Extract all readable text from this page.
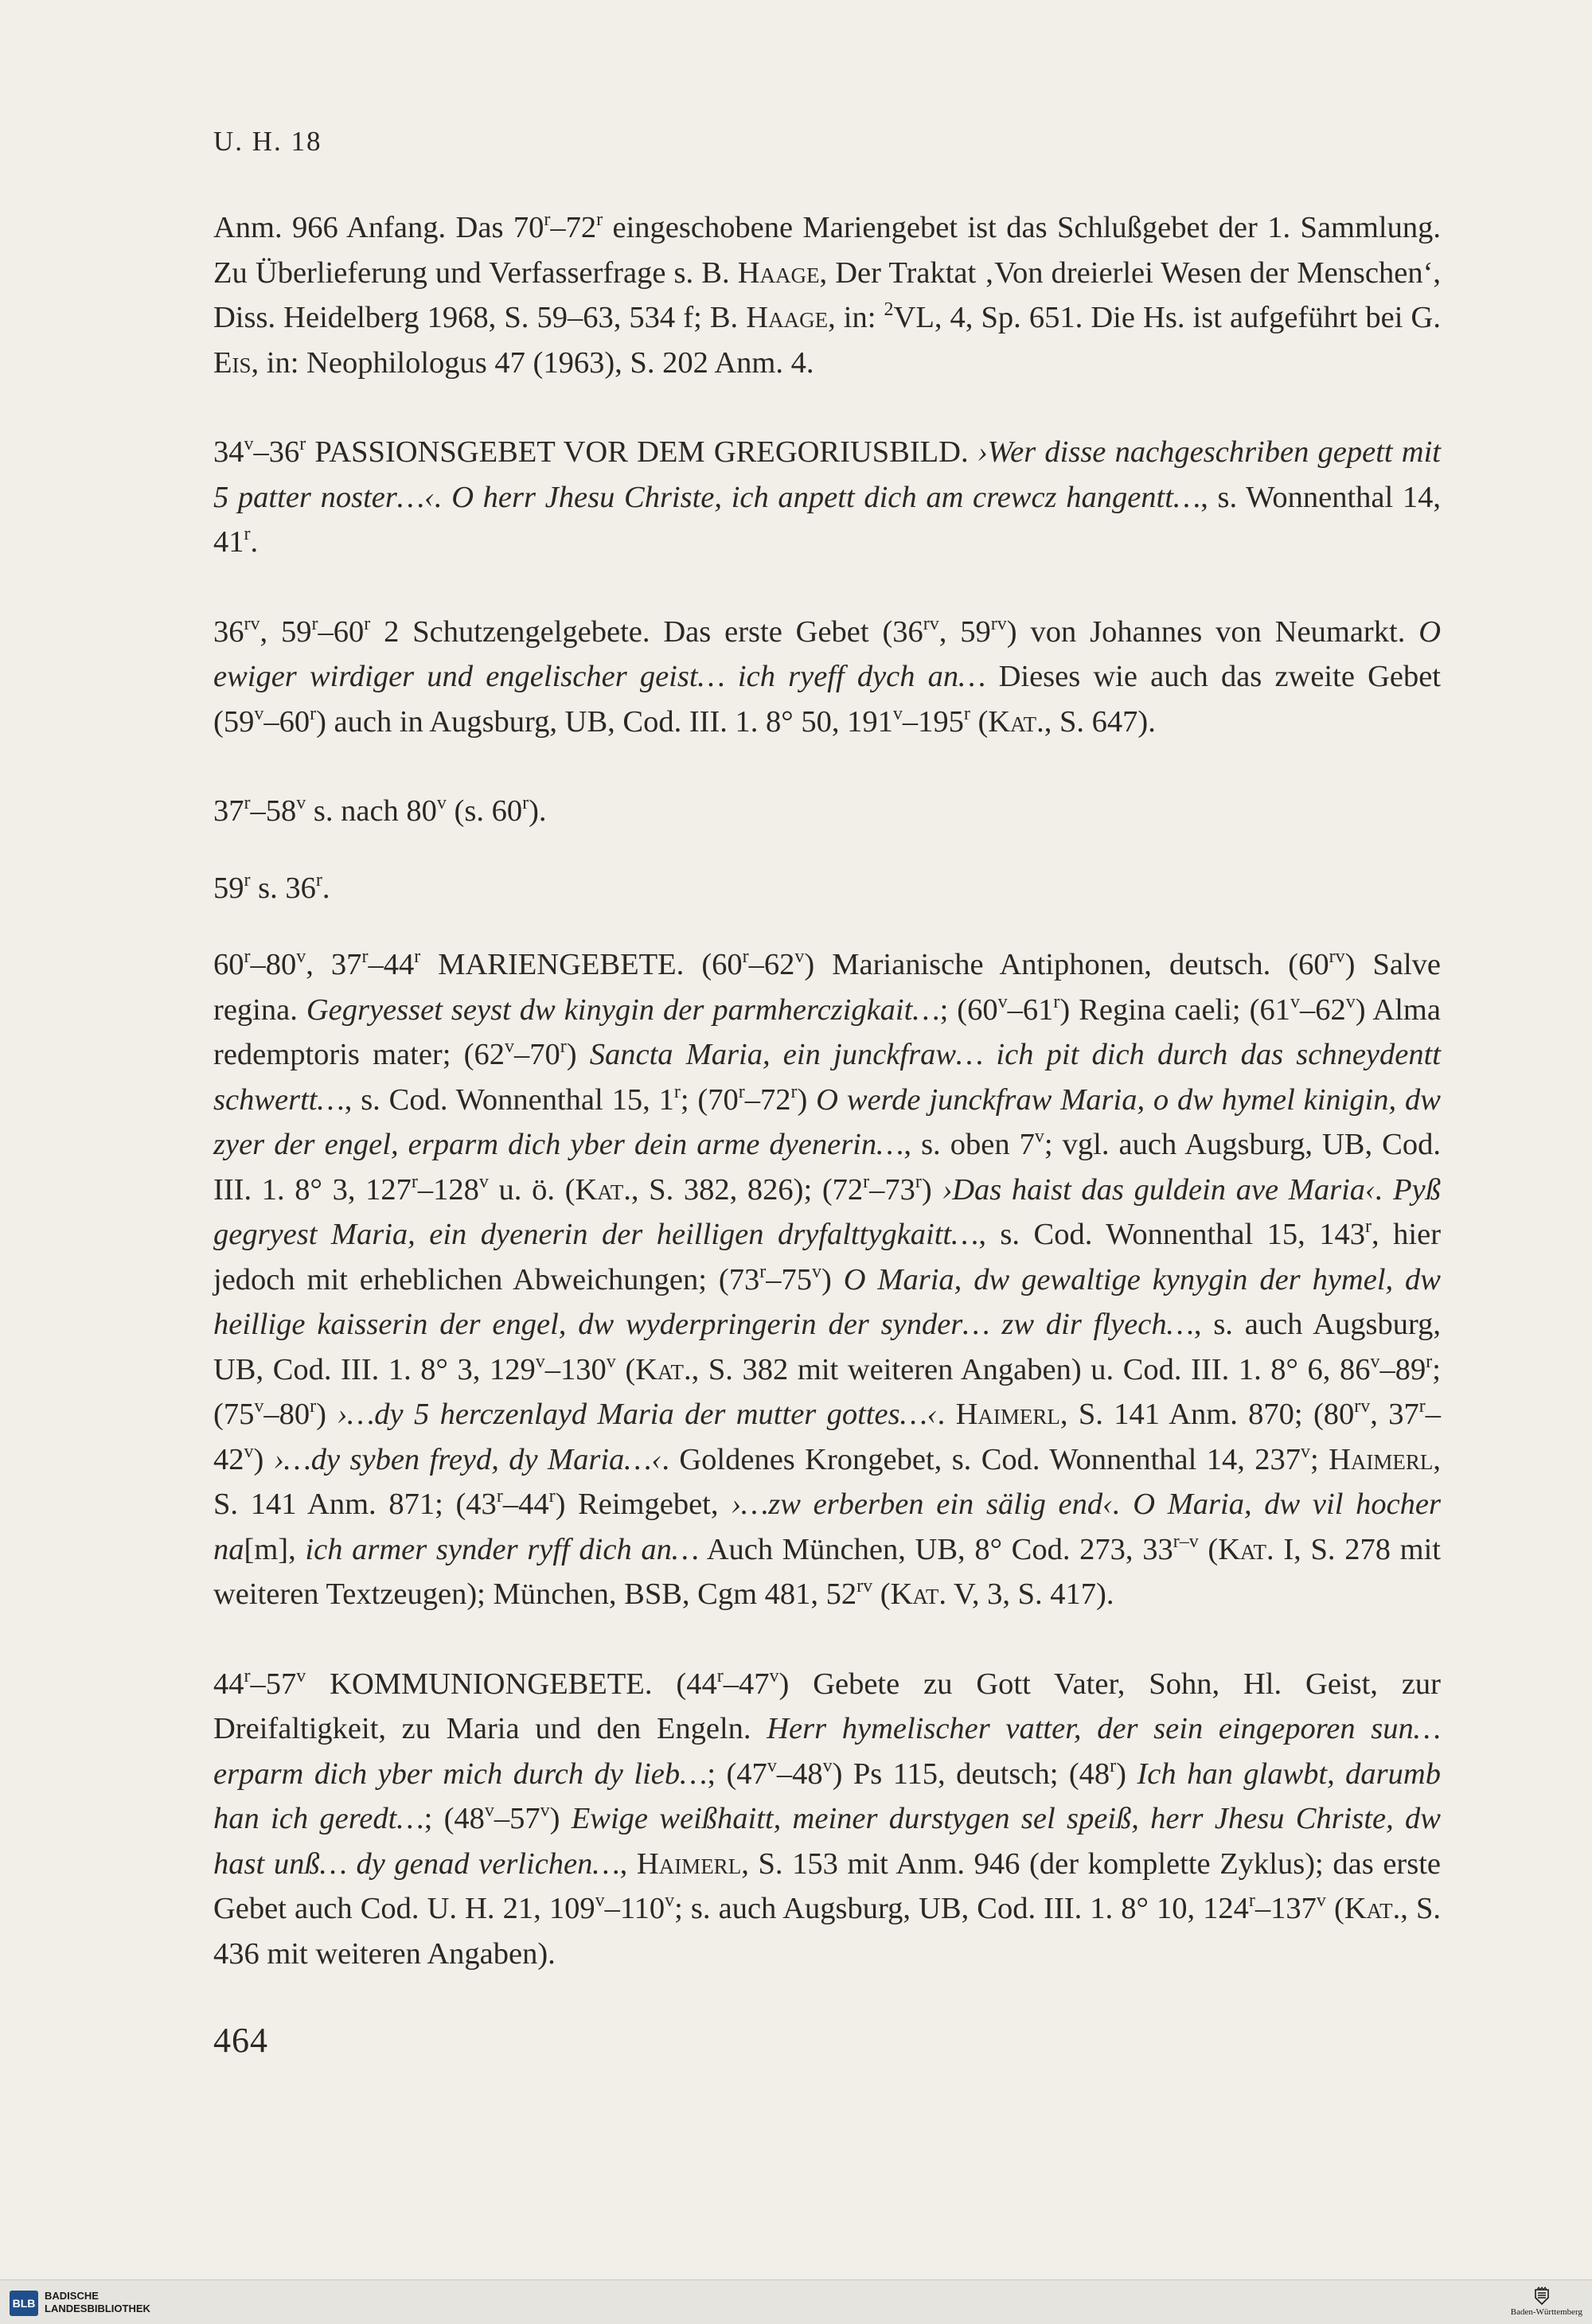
U. H. 18

Anm. 966 Anfang. Das 70$^r$–72$^r$ eingeschobene Mariengebet ist das Schlußgebet der 1. Sammlung. Zu Überlieferung und Verfasserfrage s. B. Haage, Der Traktat ‚Von dreierlei Wesen der Menschen‘, Diss. Heidelberg 1968, S. 59–63, 534 f; B. Haage, in: $^2$VL, 4, Sp. 651. Die Hs. ist aufgeführt bei G. Eis, in: Neophilologus 47 (1963), S. 202 Anm. 4.

34$^v$–36$^r$ PASSIONSGEBET VOR DEM GREGORIUSBILD. ›Wer disse nachgeschriben gepett mit 5 patter noster…‹. O herr Jhesu Christe, ich anpett dich am crewcz hangentt…, s. Wonnenthal 14, 41$^r$.

$36^{rv}$, 59$^r$–60$^r$ 2 Schutzengelgebete. Das erste Gebet ($36^{rv}$, $59^{rv}$) von Johannes von Neumarkt. O ewiger wirdiger und engelischer geist… ich ryeff dych an… Dieses wie auch das zweite Gebet (59$^v$–60$^r$) auch in Augsburg, UB, Cod. III. 1. 8° 50, 191$^v$–195$^r$ (Kat., S. 647).

37$^r$–58$^v$ s. nach 80$^v$ (s. 60$^r$).

59$^r$ s. 36$^r$.

60$^r$–80$^v$, 37$^r$–44$^r$ MARIENGEBETE. (60$^r$–62$^v$) Marianische Antiphonen, deutsch. $(60^{rv})$ Salve regina. Gegryesset seyst dw kinygin der parmherczigkait…; (60$^v$–61$^r$) Regina caeli; (61$^v$–62$^v$) Alma redemptoris mater; (62$^v$–70$^r$) Sancta Maria, ein junckfraw… ich pit dich durch das schneydentt schwertt…, s. Cod. Wonnenthal 15, 1$^r$; (70$^r$–72$^r$) O werde junckfraw Maria, o dw hymel kinigin, dw zyer der engel, erparm dich yber dein arme dyenerin…, s. oben 7$^v$; vgl. auch Augsburg, UB, Cod. III. 1. 8° 3, 127$^r$–128$^v$ u. ö. (Kat., S. 382, 826); (72$^r$–73$^r$) ›Das haist das guldein ave Maria‹. Pyß gegryest Maria, ein dyenerin der heilligen dryfalttygkaitt…, s. Cod. Wonnenthal 15, 143$^r$, hier jedoch mit erheblichen Abweichungen; (73$^r$–75$^v$) O Maria, dw gewaltige kynygin der hymel, dw heillige kaisserin der engel, dw wyderpringerin der synder… zw dir flyech…, s. auch Augsburg, UB, Cod. III. 1. 8° 3, 129$^v$–130$^v$ (Kat., S. 382 mit weiteren Angaben) u. Cod. III. 1. 8° 6, 86$^v$–89$^r$; (75$^v$–80$^r$) ›…dy 5 herczenlayd Maria der mutter gottes…‹. Haimerl, S. 141 Anm. 870; ($80^{rv}$, 37$^r$–42$^v$) ›…dy syben freyd, dy Maria…‹. Goldenes Krongebet, s. Cod. Wonnenthal 14, 237$^v$; Haimerl, S. 141 Anm. 871; (43$^r$–44$^r$) Reimgebet, ›…zw erberben ein sälig end‹. O Maria, dw vil hocher na[m], ich armer synder ryff dich an… Auch München, UB, 8° Cod. 273, 33$^{r-v}$ (Kat. I, S. 278 mit weiteren Textzeugen); München, BSB, Cgm 481, $52^{rv}$ (Kat. V, 3, S. 417).

44$^r$–57$^v$ KOMMUNIONGEBETE. (44$^r$–47$^v$) Gebete zu Gott Vater, Sohn, Hl. Geist, zur Dreifaltigkeit, zu Maria und den Engeln. Herr hymelischer vatter, der sein eingeporen sun… erparm dich yber mich durch dy lieb…; (47$^v$–48$^v$) Ps 115, deutsch; (48$^r$) Ich han glawbt, darumb han ich geredt…; (48$^v$–57$^v$) Ewige weißhaitt, meiner durstygen sel speiß, herr Jhesu Christe, dw hast unß… dy genad verlichen…, Haimerl, S. 153 mit Anm. 946 (der komplette Zyklus); das erste Gebet auch Cod. U. H. 21, 109$^v$–110$^v$; s. auch Augsburg, UB, Cod. III. 1. 8° 10, 124$^r$–137$^v$ (Kat., S. 436 mit weiteren Angaben).

464
BLB
BADISCHE
LANDESBIBLIOTHEK	Baden-Württemberg
